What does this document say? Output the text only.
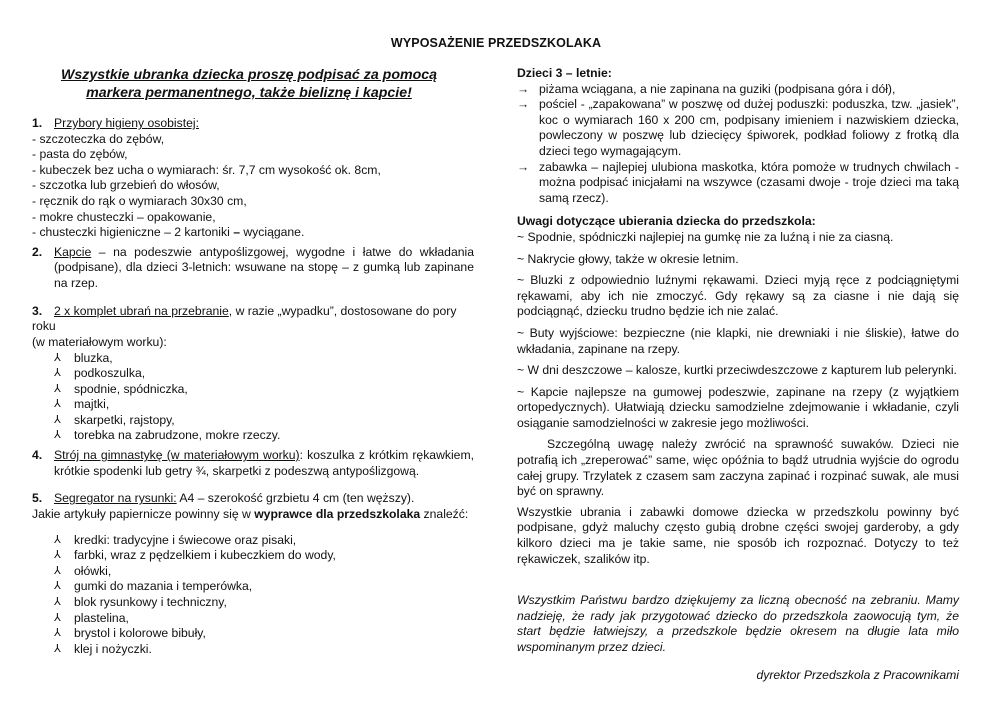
WYPOSAŻENIE PRZEDSZKOLAKA

Wszystkie ubranka dziecka proszę podpisać za pomocą markera permanentnego, także bieliznę i kapcie!

1. Przybory higieny osobistej:

- szczoteczka do zębów,

- pasta do zębów,

- kubeczek bez ucha o wymiarach: śr. 7,7 cm wysokość ok. 8cm,

- szczotka lub grzebień do włosów,

- ręcznik do rąk o wymiarach 30x30 cm,

- mokre chusteczki – opakowanie,

- chusteczki higieniczne – 2 kartoniki – wyciągane.

2. Kapcie – na podeszwie antypoślizgowej, wygodne i łatwe do wkładania (podpisane), dla dzieci 3-letnich: wsuwane na stopę – z gumką lub zapinane na rzep.

3. 2 x komplet ubrań na przebranie, w razie „wypadku”, dostosowane do pory roku

(w materiałowym worku):

⅄ bluzka,
⅄ podkoszulka,
⅄ spodnie, spódniczka,
⅄ majtki,
⅄ skarpetki, rajstopy,
⅄ torebka na zabrudzone, mokre rzeczy.

4. Strój na gimnastykę (w materiałowym worku): koszulka z krótkim rękawkiem, krótkie spodenki lub getry ¾, skarpetki z podeszwą antypoślizgową.

5. Segregator na rysunki: A4 – szerokość grzbietu 4 cm (ten węższy).

Jakie artykuły papiernicze powinny się w wyprawce dla przedszkolaka znaleźć:

⅄ kredki: tradycyjne i świecowe oraz pisaki,
⅄ farbki, wraz z pędzelkiem i kubeczkiem do wody,
⅄ ołówki,
⅄ gumki do mazania i temperówka,
⅄ blok rysunkowy i techniczny,
⅄ plastelina,
⅄ brystol i kolorowe bibuły,
⅄ klej i nożyczki.

Dzieci 3 – letnie:

→ piżama wciągana, a nie zapinana na guziki (podpisana góra i dół),
→ pościel - „zapakowana” w poszwę od dużej poduszki: poduszka, tzw. „jasiek”, koc o wymiarach 160 x 200 cm, podpisany imieniem i nazwiskiem dziecka, powleczony w poszwę lub dziecięcy śpiworek, podkład foliowy z frotką dla dzieci tego wymagającym.
→ zabawka – najlepiej ulubiona maskotka, która pomoże w trudnych chwilach - można podpisać inicjałami na wszywce (czasami dwoje - troje dzieci ma taką samą rzecz).

Uwagi dotyczące ubierania dziecka do przedszkola:

~ Spodnie, spódniczki najlepiej na gumkę nie za luźną i nie za ciasną.

~ Nakrycie głowy, także w okresie letnim.

~ Bluzki z odpowiednio luźnymi rękawami. Dzieci myją ręce z podciągniętymi rękawami, aby ich nie zmoczyć. Gdy rękawy są za ciasne i nie dają się podciągnąć, dziecku trudno będzie ich nie zalać.

~ Buty wyjściowe: bezpieczne (nie klapki, nie drewniaki i nie śliskie), łatwe do wkładania, zapinane na rzepy.

~ W dni deszczowe – kalosze, kurtki przeciwdeszczowe z kapturem lub pelerynki.

~ Kapcie najlepsze na gumowej podeszwie, zapinane na rzepy (z wyjątkiem ortopedycznych). Ułatwiają dziecku samodzielne zdejmowanie i wkładanie, czyli osiąganie samodzielności w zakresie jego możliwości.

Szczególną uwagę należy zwrócić na sprawność suwaków. Dzieci nie potrafią ich „zreperować” same, więc opóźnia to bądź utrudnia wyjście do ogrodu całej grupy. Trzylatek z czasem sam zaczyna zapinać i rozpinać suwak, ale musi być on sprawny.

Wszystkie ubrania i zabawki domowe dziecka w przedszkolu powinny być podpisane, gdyż maluchy często gubią drobne części swojej garderoby, a gdy kilkoro dzieci ma je takie same, nie sposób ich rozpoznać. Dotyczy to też rękawiczek, szalików itp.

Wszystkim Państwu bardzo dziękujemy za liczną obecność na zebraniu. Mamy nadzieję, że rady jak przygotować dziecko do przedszkola zaowocują tym, że start będzie łatwiejszy, a przedszkole będzie okresem na długie lata miło wspominanym przez dzieci.

dyrektor Przedszkola z Pracownikami
